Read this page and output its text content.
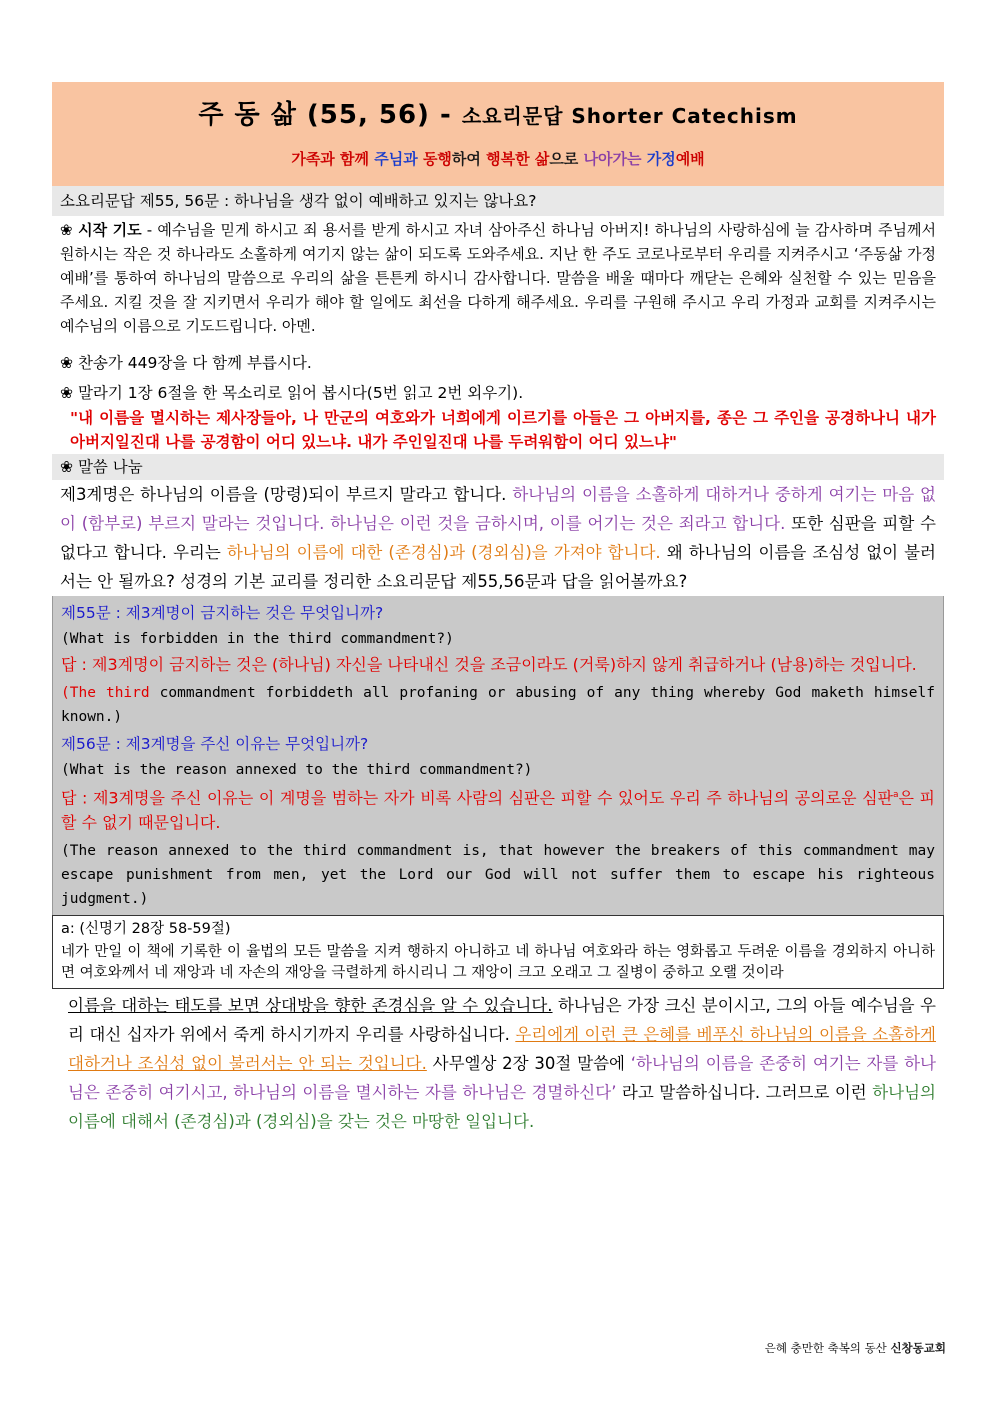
주 동 삶 (55, 56) - 소요리문답 Shorter Catechism
가족과 함께 주님과 동행하여 행복한 삶으로 나아가는 가정예배
소요리문답 제55, 56문 : 하나님을 생각 없이 예배하고 있지는 않나요?
❀ 시작 기도 - 예수님을 믿게 하시고 죄 용서를 받게 하시고 자녀 삼아주신 하나님 아버지! 하나님의 사랑하심에 늘 감사하며 주님께서 원하시는 작은 것 하나라도 소홀하게 여기지 않는 삶이 되도록 도와주세요. 지난 한 주도 코로나로부터 우리를 지켜주시고 ‘주동삶 가정예배’를 통하여 하나님의 말씀으로 우리의 삶을 튼튼케 하시니 감사합니다. 말씀을 배울 때마다 깨닫는 은혜와 실천할 수 있는 믿음을 주세요. 지킬 것을 잘 지키면서 우리가 해야 할 일에도 최선을 다하게 해주세요. 우리를 구원해 주시고 우리 가정과 교회를 지켜주시는 예수님의 이름으로 기도드립니다. 아멘.
❀ 찬송가 449장을 다 함께 부릅시다.
❀ 말라기 1장 6절을 한 목소리로 읽어 봅시다(5번 읽고 2번 외우기).
"내 이름을 멸시하는 제사장들아, 나 만군의 여호와가 너희에게 이르기를 아들은 그 아버지를, 종은 그 주인을 공경하나니 내가 아버지일진대 나를 공경함이 어디 있느냐. 내가 주인일진대 나를 두려워함이 어디 있느냐"
❀ 말씀 나눔
제3계명은 하나님의 이름을 (망령)되이 부르지 말라고 합니다. 하나님의 이름을 소홀하게 대하거나 중하게 여기는 마음 없이 (함부로) 부르지 말라는 것입니다. 하나님은 이런 것을 금하시며, 이를 어기는 것은 죄라고 합니다. 또한 심판을 피할 수 없다고 합니다. 우리는 하나님의 이름에 대한 (존경심)과 (경외심)을 가져야 합니다. 왜 하나님의 이름을 조심성 없이 불러서는 안 될까요? 성경의 기본 교리를 정리한 소요리문답 제55,56문과 답을 읽어볼까요?
제55문 : 제3계명이 금지하는 것은 무엇입니까?
(What is forbidden in the third commandment?)
답 : 제3계명이 금지하는 것은 (하나님) 자신을 나타내신 것을 조금이라도 (거룩)하지 않게 취급하거나 (남용)하는 것입니다.
(The third commandment forbiddeth all profaning or abusing of any thing whereby God maketh himself known.)
제56문 : 제3계명을 주신 이유는 무엇입니까?
(What is the reason annexed to the third commandment?)
답 : 제3계명을 주신 이유는 이 계명을 범하는 자가 비록 사람의 심판은 피할 수 있어도 우리 주 하나님의 공의로운 심판$^a$은 피할 수 없기 때문입니다.
(The reason annexed to the third commandment is, that however the breakers of this commandment may escape punishment from men, yet the Lord our God will not suffer them to escape his righteous judgment.)
a: (신명기 28장 58-59절)
네가 만일 이 책에 기록한 이 율법의 모든 말씀을 지켜 행하지 아니하고 네 하나님 여호와라 하는 영화롭고 두려운 이름을 경외하지 아니하면 여호와께서 네 재앙과 네 자손의 재앙을 극렬하게 하시리니 그 재앙이 크고 오래고 그 질병이 중하고 오랠 것이라
이름을 대하는 태도를 보면 상대방을 향한 존경심을 알 수 있습니다. 하나님은 가장 크신 분이시고, 그의 아들 예수님을 우리 대신 십자가 위에서 죽게 하시기까지 우리를 사랑하십니다. 우리에게 이런 큰 은혜를 베푸신 하나님의 이름을 소홀하게 대하거나 조심성 없이 불러서는 안 되는 것입니다. 사무엘상 2장 30절 말씀에 ‘하나님의 이름을 존중히 여기는 자를 하나님은 존중히 여기시고, 하나님의 이름을 멸시하는 자를 하나님은 경멸하신다’ 라고 말씀하십니다. 그러므로 이런 하나님의 이름에 대해서 (존경심)과 (경외심)을 갖는 것은 마땅한 일입니다.
은혜 충만한 축복의 동산 신창동교회
